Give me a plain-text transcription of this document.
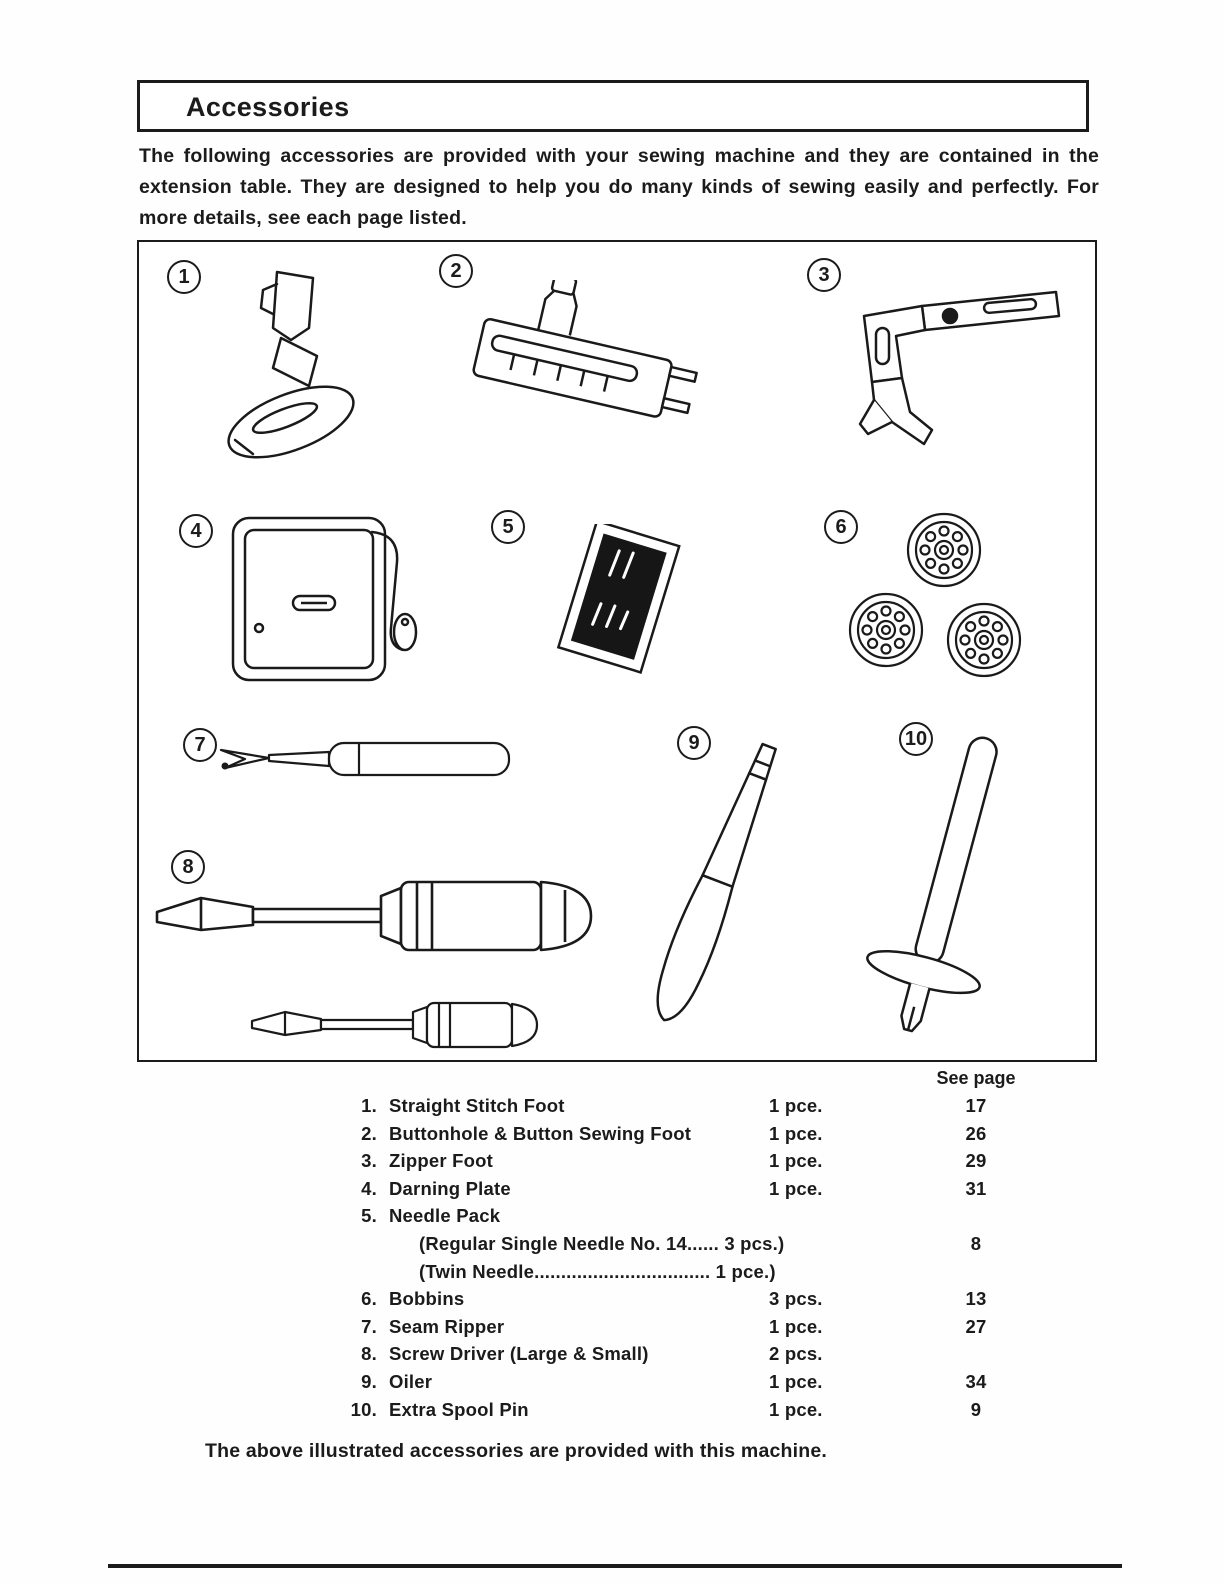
Accessories

The following accessories are provided with your sewing machine and they are contained in the extension table. They are designed to help you do many kinds of sewing easily and perfectly. For more details, see each page listed.

1	2	3
4	5	6
7
8
9	10
See page
1. Straight Stitch Foot	1 pce.	17
2. Buttonhole & Button Sewing Foot	1 pce.	26
3. Zipper Foot	1 pce.	29
4. Darning Plate	1 pce.	31
5. Needle Pack
(Regular Single Needle No. 14...... 3 pcs.)	8
(Twin Needle................................. 1 pce.)
6. Bobbins	3 pcs.	13
7. Seam Ripper	1 pce.	27
8. Screw Driver (Large & Small)	2 pcs.
9. Oiler	1 pce.	34
10. Extra Spool Pin	1 pce.	9

The above illustrated accessories are provided with this machine.
